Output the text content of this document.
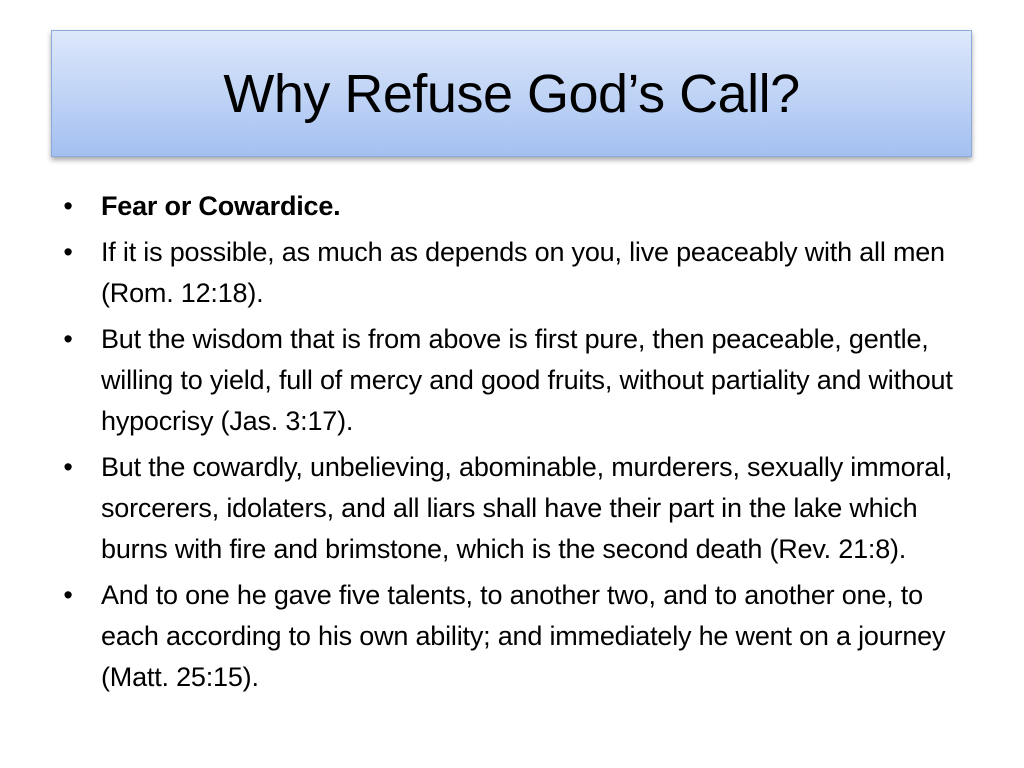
Why Refuse God’s Call?
• Fear or Cowardice.
• If it is possible, as much as depends on you, live peaceably with all men (Rom. 12:18).
• But the wisdom that is from above is first pure, then peaceable, gentle, willing to yield, full of mercy and good fruits, without partiality and without hypocrisy (Jas. 3:17).
• But the cowardly, unbelieving, abominable, murderers, sexually immoral, sorcerers, idolaters, and all liars shall have their part in the lake which burns with fire and brimstone, which is the second death (Rev. 21:8).
• And to one he gave five talents, to another two, and to another one, to each according to his own ability; and immediately he went on a journey (Matt. 25:15).
